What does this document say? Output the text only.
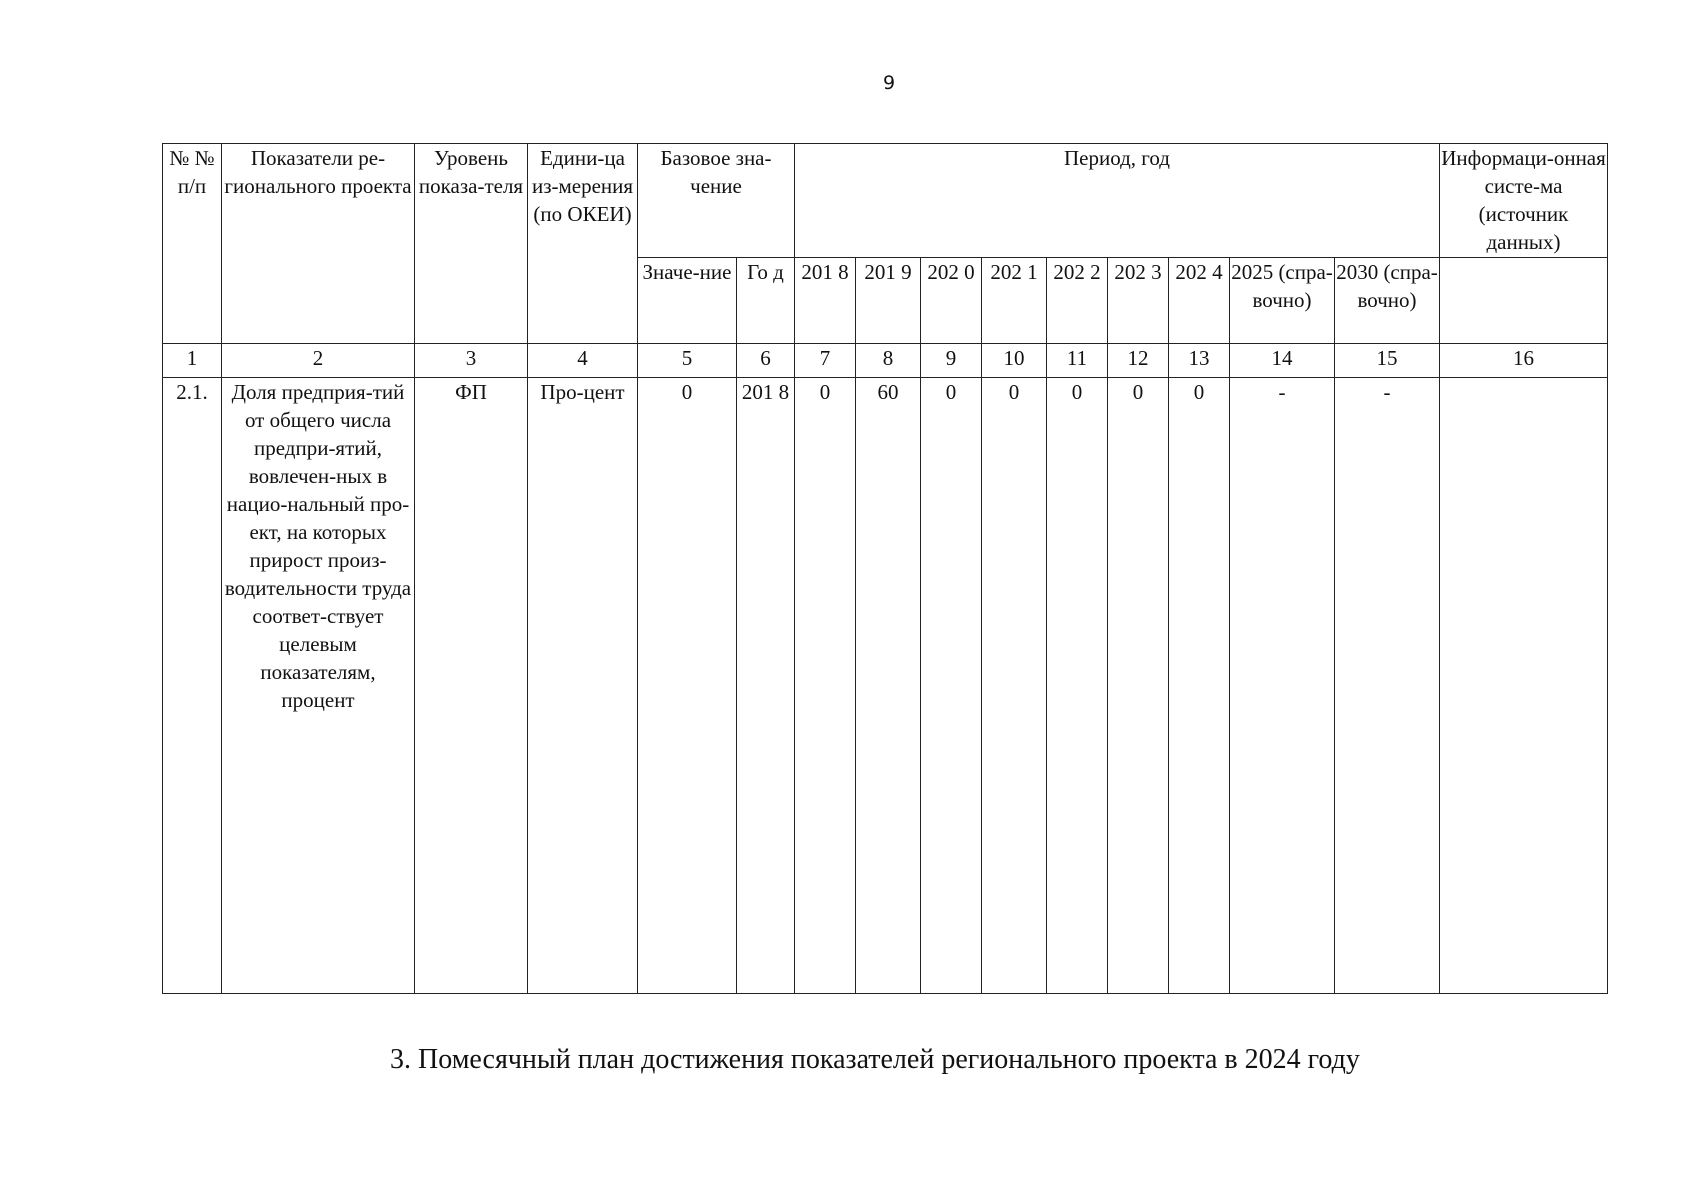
9
№ № п/п	Показатели ре-гионального проекта	Уровень показа-теля	Едини-ца из-мерения (по ОКЕИ)	Базовое зна-чение		Период, год									Информаци-онная систе-ма (источник данных)
				Значе-ние	Го д	201 8	201 9	202 0	202 1	202 2	202 3	202 4	2025 (спра-вочно)	2030 (спра-вочно)	
1	2	3	4	5	6	7	8	9	10	11	12	13	14	15	16
2.1.	Доля предприя-тий от общего числа предпри-ятий, вовлечен-ных в нацио-нальный про-ект, на которых прирост произ-водительности труда соответ-ствует целевым показателям, процент	ФП	Про-цент	0	201 8	0	60	0	0	0	0	0	-	-	
3. Помесячный план достижения показателей регионального проекта в 2024 году
